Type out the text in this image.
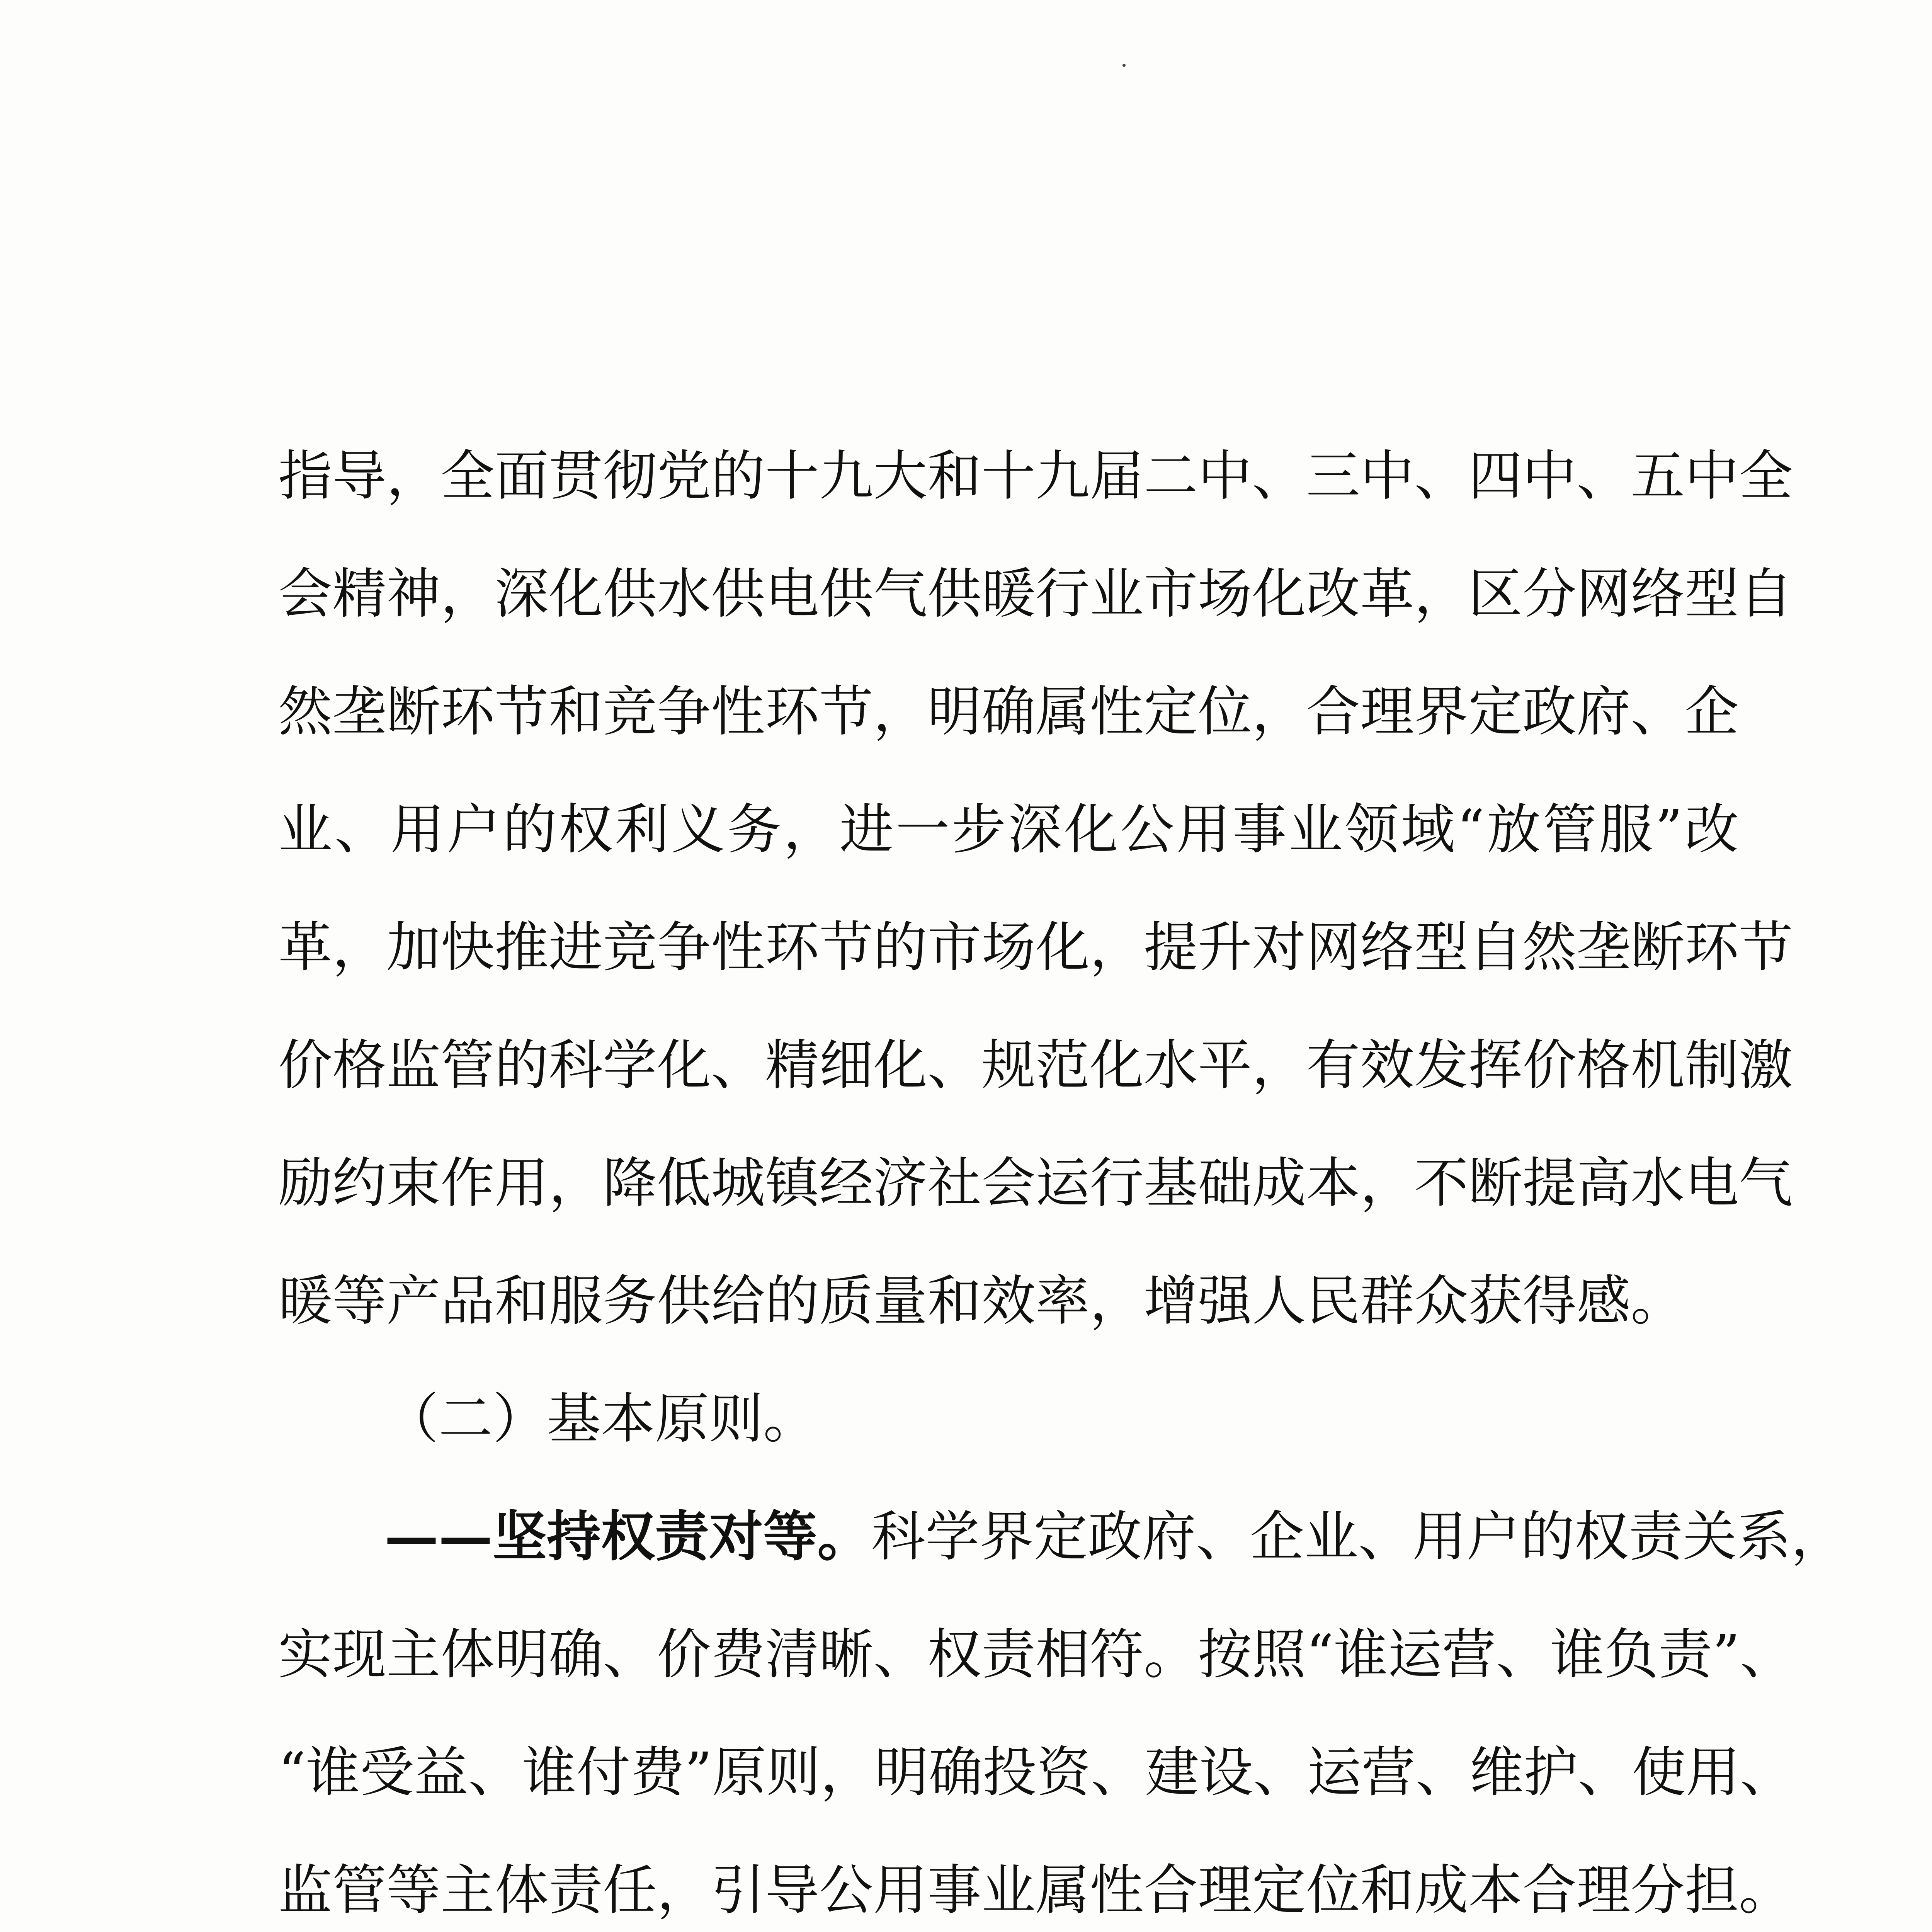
指导，全面贯彻党的十九大和十九届二中、三中、四中、五中全
会精神，深化供水供电供气供暖行业市场化改革，区分网络型自
然垄断环节和竞争性环节，明确属性定位，合理界定政府、企
业、用户的权利义务，进一步深化公用事业领域“放管服”改
革，加快推进竞争性环节的市场化，提升对网络型自然垄断环节
价格监管的科学化、精细化、规范化水平，有效发挥价格机制激
励约束作用，降低城镇经济社会运行基础成本，不断提高水电气
暖等产品和服务供给的质量和效率，增强人民群众获得感。
（二）基本原则。
——坚持权责对等。科学界定政府、企业、用户的权责关系，
实现主体明确、价费清晰、权责相符。按照“谁运营、谁负责”、
“谁受益、谁付费”原则，明确投资、建设、运营、维护、使用、
监管等主体责任，引导公用事业属性合理定位和成本合理分担。
